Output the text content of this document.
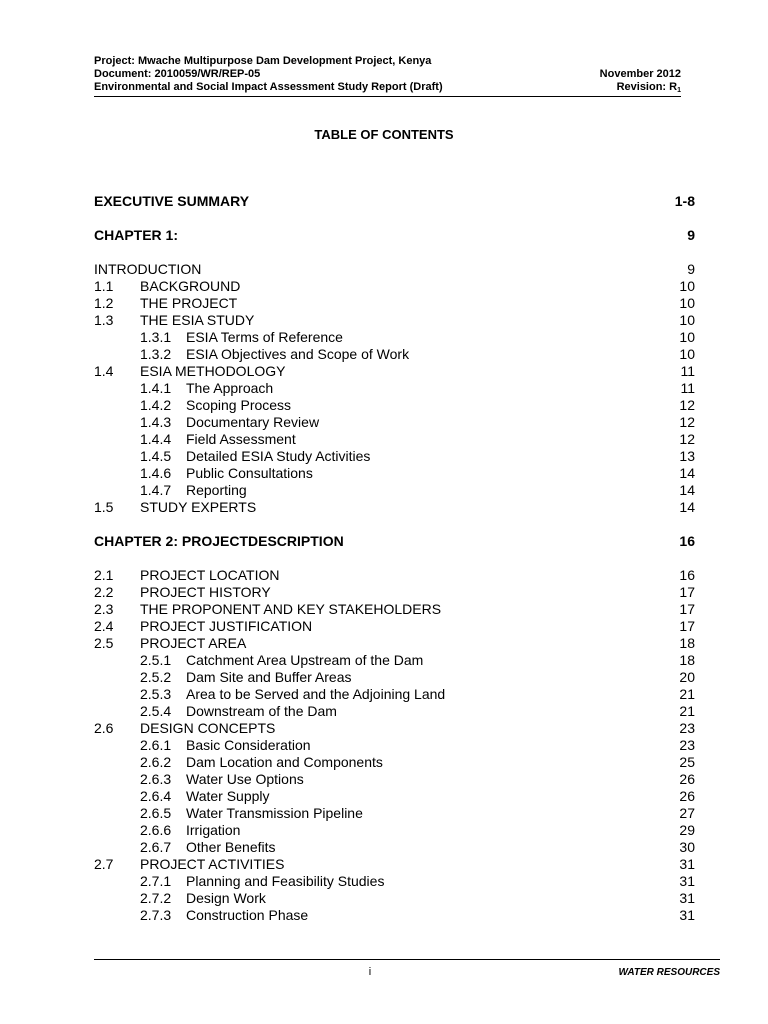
Project: Mwache Multipurpose Dam Development Project, Kenya
Document: 2010059/WR/REP-05	November 2012
Environmental and Social Impact Assessment Study Report (Draft)	Revision: $R_1$
TABLE OF CONTENTS
EXECUTIVE SUMMARY	1-8
CHAPTER 1:	9
INTRODUCTION	9
1.1 BACKGROUND	10
1.2 THE PROJECT	10
1.3 THE ESIA STUDY	10
1.3.1 ESIA Terms of Reference	10
1.3.2 ESIA Objectives and Scope of Work	10
1.4 ESIA METHODOLOGY	11
1.4.1 The Approach	11
1.4.2 Scoping Process	12
1.4.3 Documentary Review	12
1.4.4 Field Assessment	12
1.4.5 Detailed ESIA Study Activities	13
1.4.6 Public Consultations	14
1.4.7 Reporting	14
1.5 STUDY EXPERTS	14
CHAPTER 2: PROJECTDESCRIPTION	16
2.1 PROJECT LOCATION	16
2.2 PROJECT HISTORY	17
2.3 THE PROPONENT AND KEY STAKEHOLDERS	17
2.4 PROJECT JUSTIFICATION	17
2.5 PROJECT AREA	18
2.5.1 Catchment Area Upstream of the Dam	18
2.5.2 Dam Site and Buffer Areas	20
2.5.3 Area to be Served and the Adjoining Land	21
2.5.4 Downstream of the Dam	21
2.6 DESIGN CONCEPTS	23
2.6.1 Basic Consideration	23
2.6.2 Dam Location and Components	25
2.6.3 Water Use Options	26
2.6.4 Water Supply	26
2.6.5 Water Transmission Pipeline	27
2.6.6 Irrigation	29
2.6.7 Other Benefits	30
2.7 PROJECT ACTIVITIES	31
2.7.1 Planning and Feasibility Studies	31
2.7.2 Design Work	31
2.7.3 Construction Phase	31
i	WATER RESOURCES
